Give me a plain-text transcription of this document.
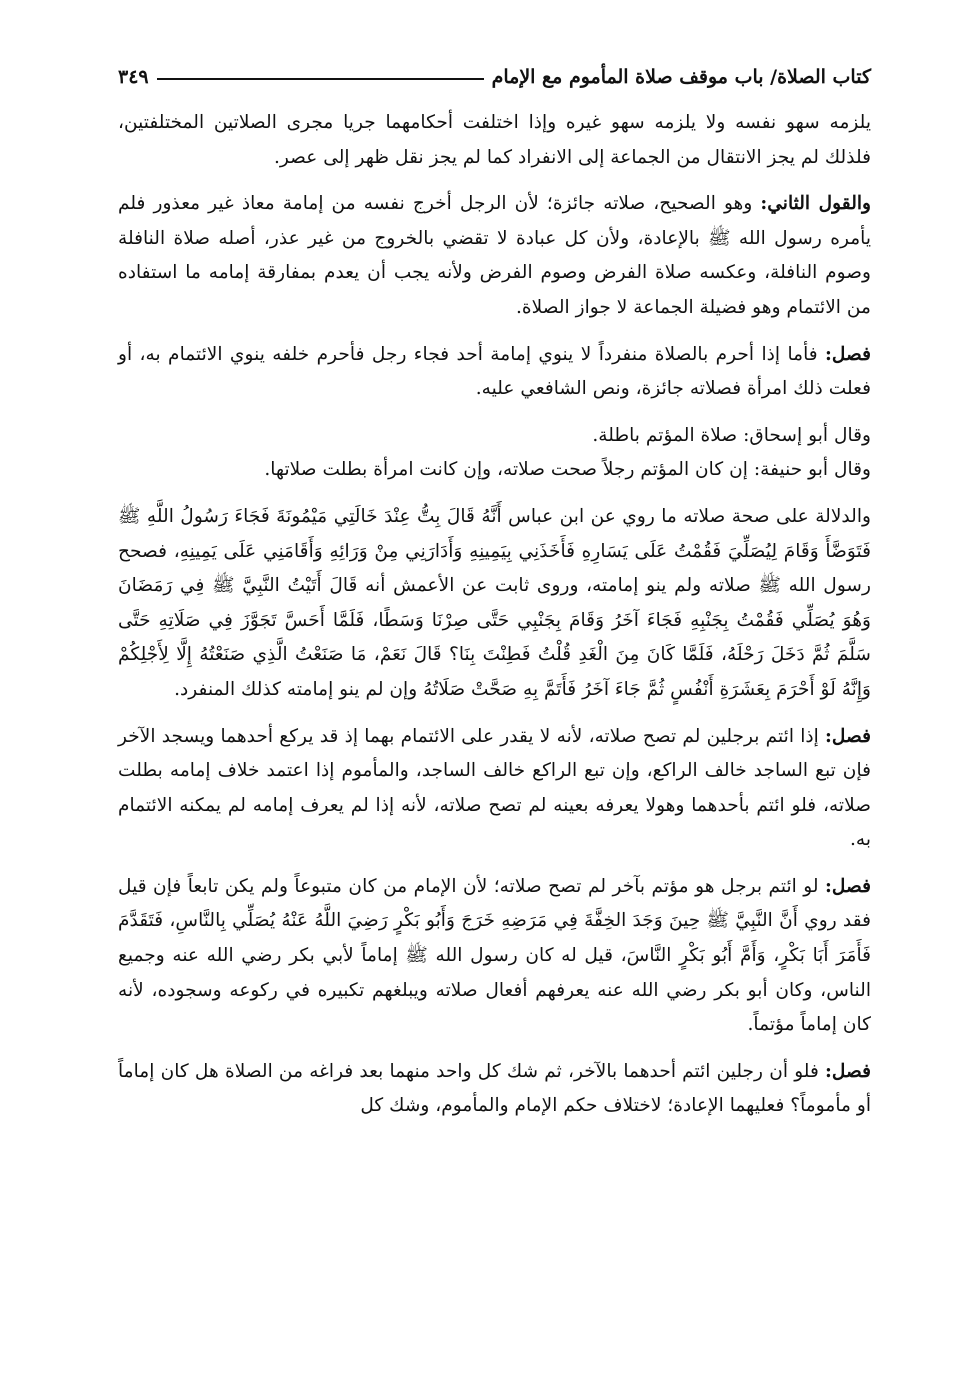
كتاب الصلاة/ باب موقف صلاة المأموم مع الإمام
٣٤٩

يلزمه سهو نفسه ولا يلزمه سهو غيره وإذا اختلفت أحكامهما جريا مجرى الصلاتين المختلفتين، فلذلك لم يجز الانتقال من الجماعة إلى الانفراد كما لم يجز نقل ظهر إلى عصر.

والقول الثاني: وهو الصحيح، صلاته جائزة؛ لأن الرجل أخرج نفسه من إمامة معاذ غير معذور فلم يأمره رسول الله ﷺ بالإعادة، ولأن كل عبادة لا تقضي بالخروج من غير عذر، أصله صلاة النافلة وصوم النافلة، وعكسه صلاة الفرض وصوم الفرض ولأنه يجب أن يعدم بمفارقة إمامه ما استفاده من الائتمام وهو فضيلة الجماعة لا جواز الصلاة.

فصل: فأما إذا أحرم بالصلاة منفرداً لا ينوي إمامة أحد فجاء رجل فأحرم خلفه ينوي الائتمام به، أو فعلت ذلك امرأة فصلاته جائزة، ونص الشافعي عليه.

وقال أبو إسحاق: صلاة المؤتم باطلة.

وقال أبو حنيفة: إن كان المؤتم رجلاً صحت صلاته، وإن كانت امرأة بطلت صلاتها.

والدلالة على صحة صلاته ما روي عن ابن عباس أَنَّهُ قَالَ بِتُّ عِنْدَ خَالَتِي مَيْمُونَةَ فَجَاءَ رَسُولُ اللَّهِ ﷺ فَتَوَضَّأَ وَقَامَ لِيُصَلِّيَ فَقُمْتُ عَلَى يَسَارِهِ فَأَخَذَنِي بِيَمِينِهِ وَأَدَارَنِي مِنْ وَرَائِهِ وَأَقَامَنِي عَلَى يَمِينِهِ، فصحح رسول الله ﷺ صلاته ولم ينو إمامته، وروى ثابت عن الأعمش أنه قَالَ أَتَيْتُ النَّبِيَّ ﷺ فِي رَمَضَانَ وَهُوَ يُصَلِّي فَقُمْتُ بِجَنْبِهِ فَجَاءَ آخَرُ وَقَامَ بِجَنْبِي حَتَّى صِرْنَا وَسَطًا، فَلَمَّا أَحَسَّ تَجَوَّزَ فِي صَلَاتِهِ حَتَّى سَلَّمَ ثُمَّ دَخَلَ رَحْلَهُ، فَلَمَّا كَانَ مِنَ الْغَدِ قُلْتُ فَطِنْتَ بِنَا؟ قَالَ نَعَمْ، مَا صَنَعْتُ الَّذِي صَنَعْتُهُ إِلَّا لِأَجْلِكُمْ وَإِنَّهُ لَوْ أَحْرَمَ بِعَشَرَةِ أَنْفُسٍ ثُمَّ جَاءَ آخَرُ فَأَتَمَّ بِهِ صَحَّتْ صَلَاتُهُ وإن لم ينو إمامته كذلك المنفرد.

فصل: إذا ائتم برجلين لم تصح صلاته، لأنه لا يقدر على الائتمام بهما إذ قد يركع أحدهما ويسجد الآخر فإن تبع الساجد خالف الراكع، وإن تبع الراكع خالف الساجد، والمأموم إذا اعتمد خلاف إمامه بطلت صلاته، فلو ائتم بأحدهما وهولا يعرفه بعينه لم تصح صلاته، لأنه إذا لم يعرف إمامه لم يمكنه الائتمام به.

فصل: لو ائتم برجل هو مؤتم بآخر لم تصح صلاته؛ لأن الإمام من كان متبوعاً ولم يكن تابعاً فإن قيل فقد روي أَنَّ النَّبِيَّ ﷺ حِينَ وَجَدَ الخِفَّةَ فِي مَرَضِهِ خَرَجَ وَأَبُو بَكْرٍ رَضِيَ اللَّهُ عَنْهُ يُصَلِّي بِالنَّاسِ، فَتَقَدَّمَ فَأَمَرَ أَبَا بَكْرٍ، وَأَمَّ أَبُو بَكْرٍ النَّاسَ، قيل له كان رسول الله ﷺ إماماً لأبي بكر رضي الله عنه وجميع الناس، وكان أبو بكر رضي الله عنه يعرفهم أفعال صلاته ويبلغهم تكبيره في ركوعه وسجوده، لأنه كان إماماً مؤتماً.

فصل: فلو أن رجلين ائتم أحدهما بالآخر، ثم شك كل واحد منهما بعد فراغه من الصلاة هل كان إماماً أو مأموماً؟ فعليهما الإعادة؛ لاختلاف حكم الإمام والمأموم، وشك كل
